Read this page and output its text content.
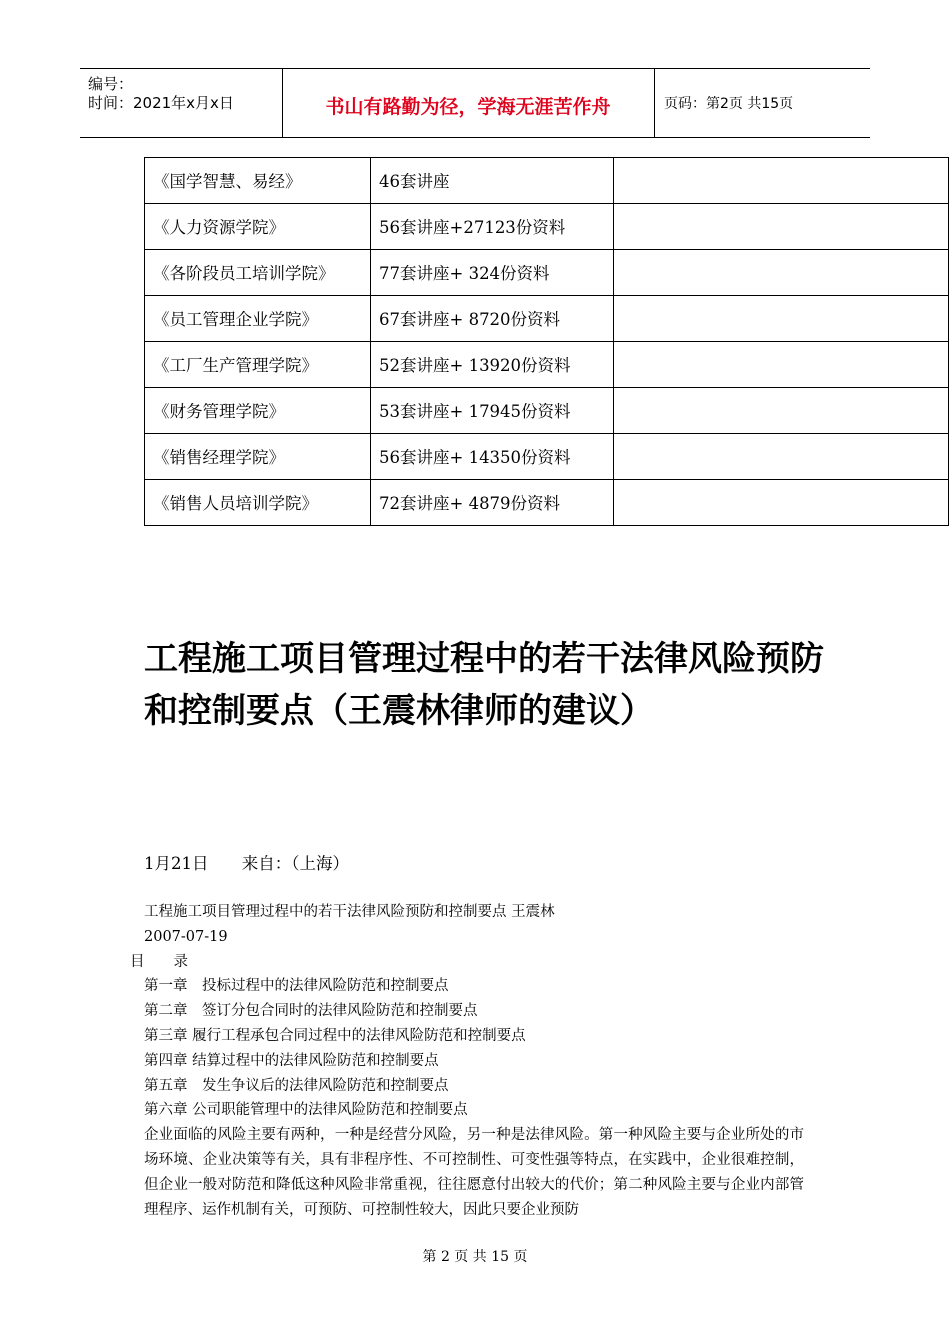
编号：
时间：2021年x月x日	书山有路勤为径，学海无涯苦作舟	页码：第2页 共15页
《国学智慧、易经》	46套讲座	
《人力资源学院》	56套讲座+27123份资料	
《各阶段员工培训学院》	77套讲座+ 324份资料	
《员工管理企业学院》	67套讲座+ 8720份资料	
《工厂生产管理学院》	52套讲座+ 13920份资料	
《财务管理学院》	53套讲座+ 17945份资料	
《销售经理学院》	56套讲座+ 14350份资料	
《销售人员培训学院》	72套讲座+ 4879份资料	
工程施工项目管理过程中的若干法律风险预防和控制要点（王震林律师的建议）
1月21日 来自：（上海）

工程施工项目管理过程中的若干法律风险预防和控制要点 王震林

2007-07-19

目　　录

第一章　投标过程中的法律风险防范和控制要点

第二章　签订分包合同时的法律风险防范和控制要点

第三章 履行工程承包合同过程中的法律风险防范和控制要点

第四章 结算过程中的法律风险防范和控制要点

第五章　发生争议后的法律风险防范和控制要点

第六章 公司职能管理中的法律风险防范和控制要点

企业面临的风险主要有两种，一种是经营分风险，另一种是法律风险。第一种风险主要与企业所处的市场环境、企业决策等有关，具有非程序性、不可控制性、可变性强等特点，在实践中，企业很难控制，但企业一般对防范和降低这种风险非常重视，往往愿意付出较大的代价；第二种风险主要与企业内部管理程序、运作机制有关，可预防、可控制性较大，因此只要企业预防

第 2 页 共 15 页
